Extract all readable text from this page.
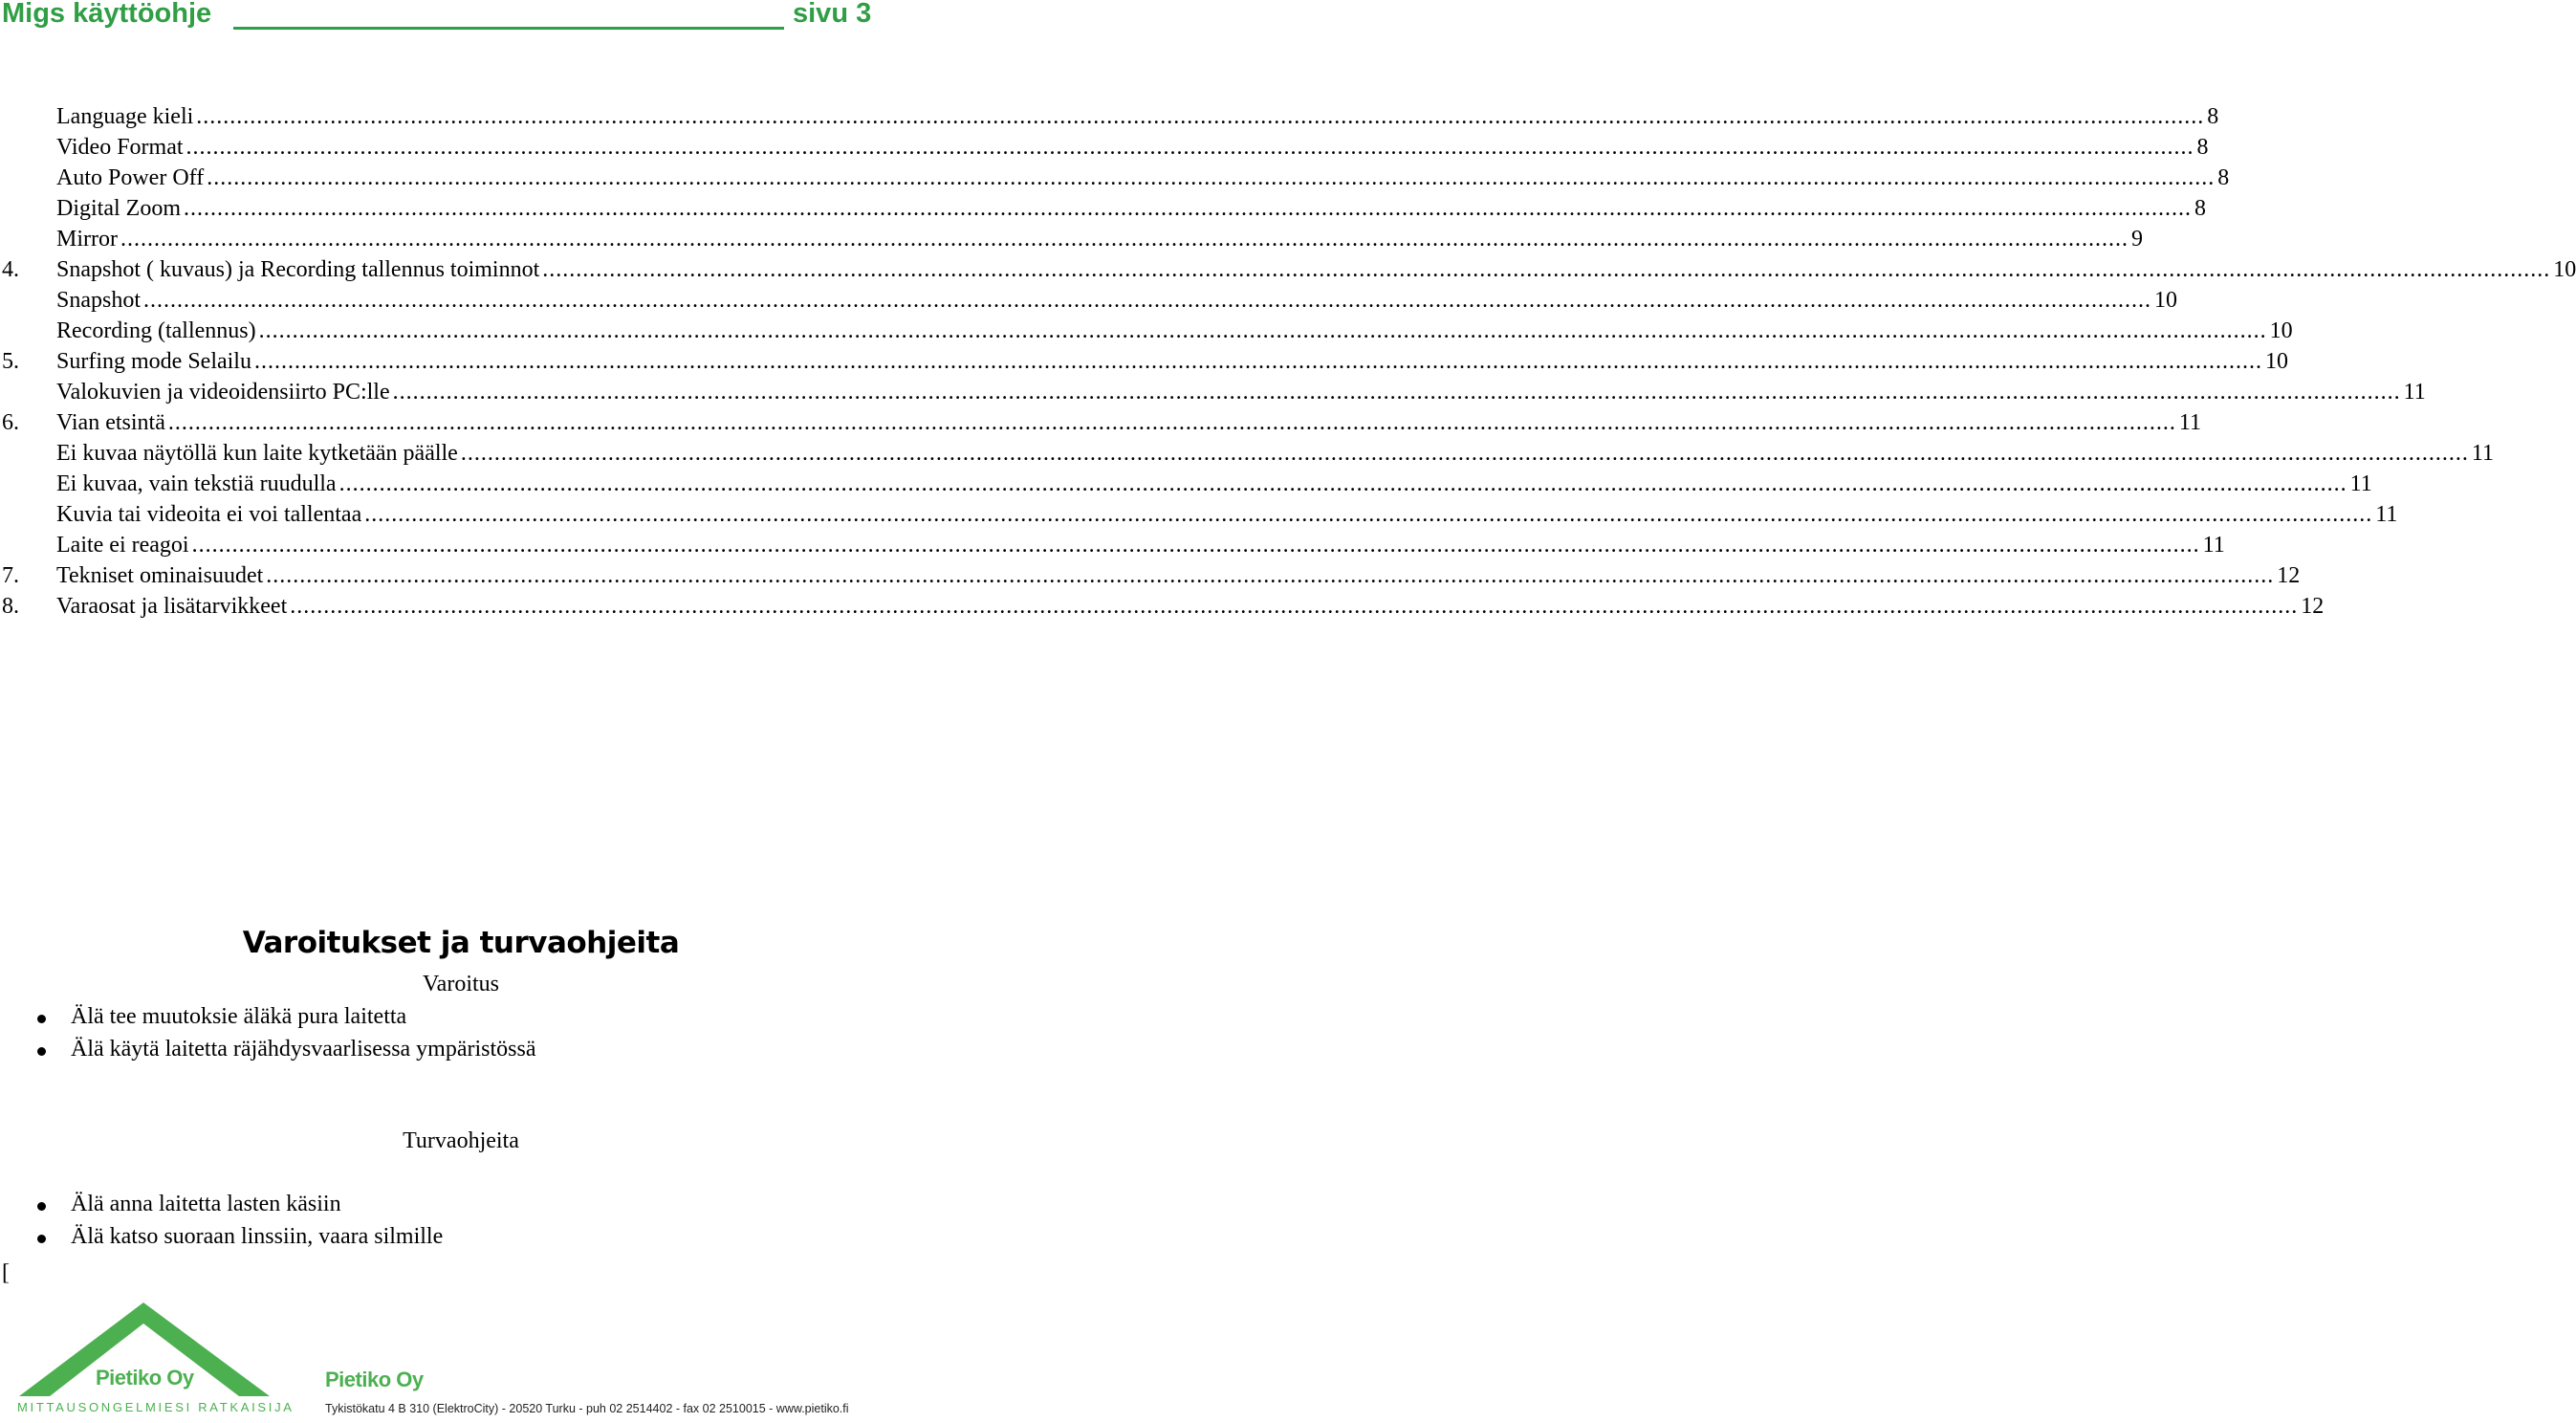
Migs käyttöohje	sivu 3
Language kieli ............................................................................................................................................................................................................................................................................................................ 8
Video Format ............................................................................................................................................................................................................................................................................................................ 8
Auto Power Off ............................................................................................................................................................................................................................................................................................................ 8
Digital Zoom ............................................................................................................................................................................................................................................................................................................ 8
Mirror ............................................................................................................................................................................................................................................................................................................ 9
4. Snapshot ( kuvaus) ja Recording tallennus toiminnot ............................................................................................................................................................................................................................................................................................................ 10
Snapshot ............................................................................................................................................................................................................................................................................................................ 10
Recording (tallennus) ............................................................................................................................................................................................................................................................................................................ 10
5. Surfing mode Selailu ............................................................................................................................................................................................................................................................................................................ 10
Valokuvien ja videoidensiirto PC:lle ............................................................................................................................................................................................................................................................................................................ 11
6. Vian etsintä ............................................................................................................................................................................................................................................................................................................ 11
Ei kuvaa näytöllä kun laite kytketään päälle ............................................................................................................................................................................................................................................................................................................ 11
Ei kuvaa, vain tekstiä ruudulla ............................................................................................................................................................................................................................................................................................................ 11
Kuvia tai videoita ei voi tallentaa ............................................................................................................................................................................................................................................................................................................ 11
Laite ei reagoi ............................................................................................................................................................................................................................................................................................................ 11
7. Tekniset ominaisuudet ............................................................................................................................................................................................................................................................................................................ 12
8. Varaosat ja lisätarvikkeet ............................................................................................................................................................................................................................................................................................................ 12
Varoitukset ja turvaohjeita
Varoitus
Älä tee muutoksie äläkä pura laitetta
Älä käytä laitetta räjähdysvaarlisessa ympäristössä
Turvaohjeita
Älä anna laitetta lasten käsiin
Älä katso suoraan linssiin, vaara silmille
[
Pietiko Oy
MITTAUSONGELMIESI RATKAISIJA
Pietiko Oy
Tykistökatu 4 B 310 (ElektroCity) - 20520 Turku - puh 02 2514402 - fax 02 2510015 - www.pietiko.fi
